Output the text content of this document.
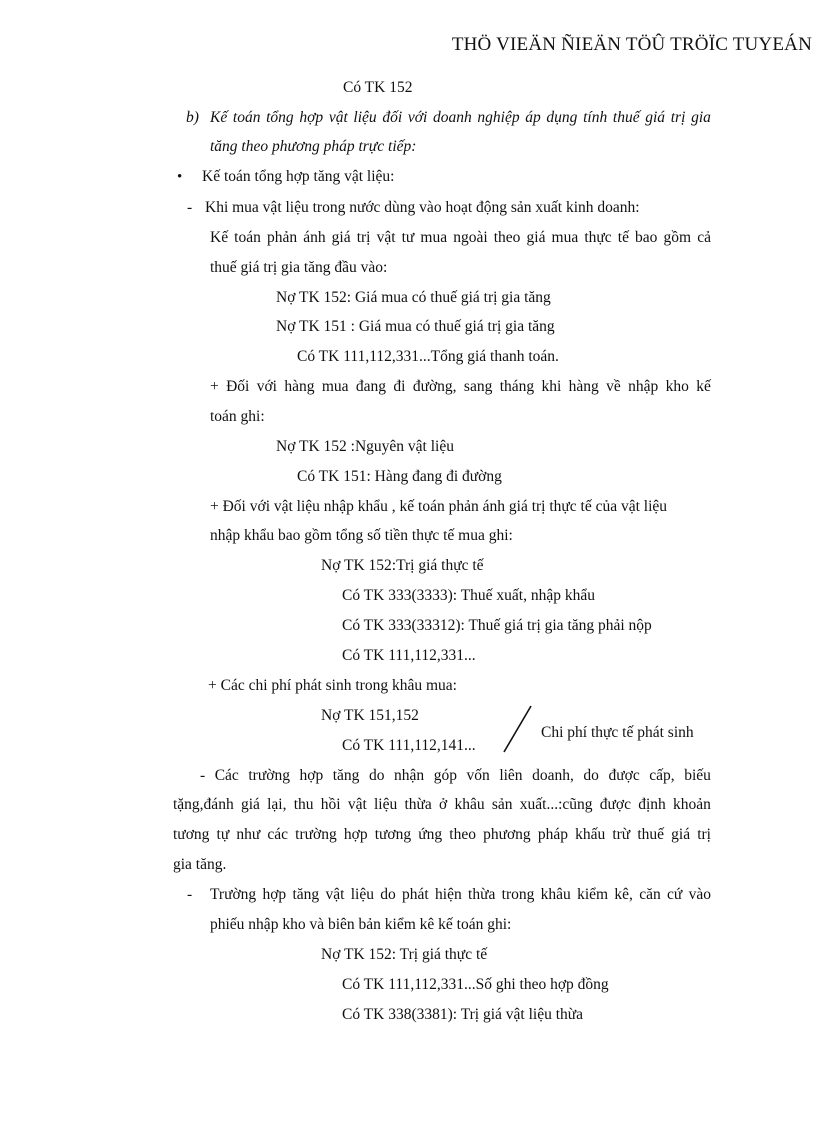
THÖ VIEÄN ÑIEÄN TÖÛ TRÖÏC TUYEÁN
Có TK 152
b) Kế toán tổng hợp vật liệu đối với doanh nghiệp áp dụng tính thuế giá trị gia
tăng theo phương pháp trực tiếp:
• Kế toán tổng hợp tăng vật liệu:
- Khi mua vật liệu trong nước dùng vào hoạt động sản xuất kinh doanh:
Kế toán phản ánh giá trị vật tư mua ngoài theo giá mua thực tế bao gồm cả
thuế giá trị gia tăng đầu vào:
Nợ TK 152: Giá mua có thuế giá trị gia tăng
Nợ TK 151 : Giá mua có thuế giá trị gia tăng
Có TK 111,112,331...Tổng giá thanh toán.
+ Đối với hàng mua đang đi đường, sang tháng khi hàng về nhập kho kế
toán ghi:
Nợ TK 152 :Nguyên vật liệu
Có TK 151: Hàng đang đi đường
+ Đối với vật liệu nhập khẩu , kế toán phản ánh giá trị thực tế của vật liệu
nhập khẩu bao gồm tổng số tiền thực tế mua ghi:
Nợ TK 152:Trị giá thực tế
Có TK 333(3333): Thuế xuất, nhập khẩu
Có TK 333(33312): Thuế giá trị gia tăng phải nộp
Có TK 111,112,331...
+ Các chi phí phát sinh trong khâu mua:
Nợ TK 151,152
Có TK 111,112,141...
Chi phí thực tế phát sinh
- Các trường hợp tăng do nhận góp vốn liên doanh, do được cấp, biếu
tặng,đánh giá lại, thu hồi vật liệu thừa ở khâu sản xuất...:cũng được định khoản
tương tự như các trường hợp tương ứng theo phương pháp khấu trừ thuế giá trị
gia tăng.
- Trường hợp tăng vật liệu do phát hiện thừa trong khâu kiểm kê, căn cứ vào
phiếu nhập kho và biên bản kiểm kê kế toán ghi:
Nợ TK 152: Trị giá thực tế
Có TK 111,112,331...Số ghi theo hợp đồng
Có TK 338(3381): Trị giá vật liệu thừa
